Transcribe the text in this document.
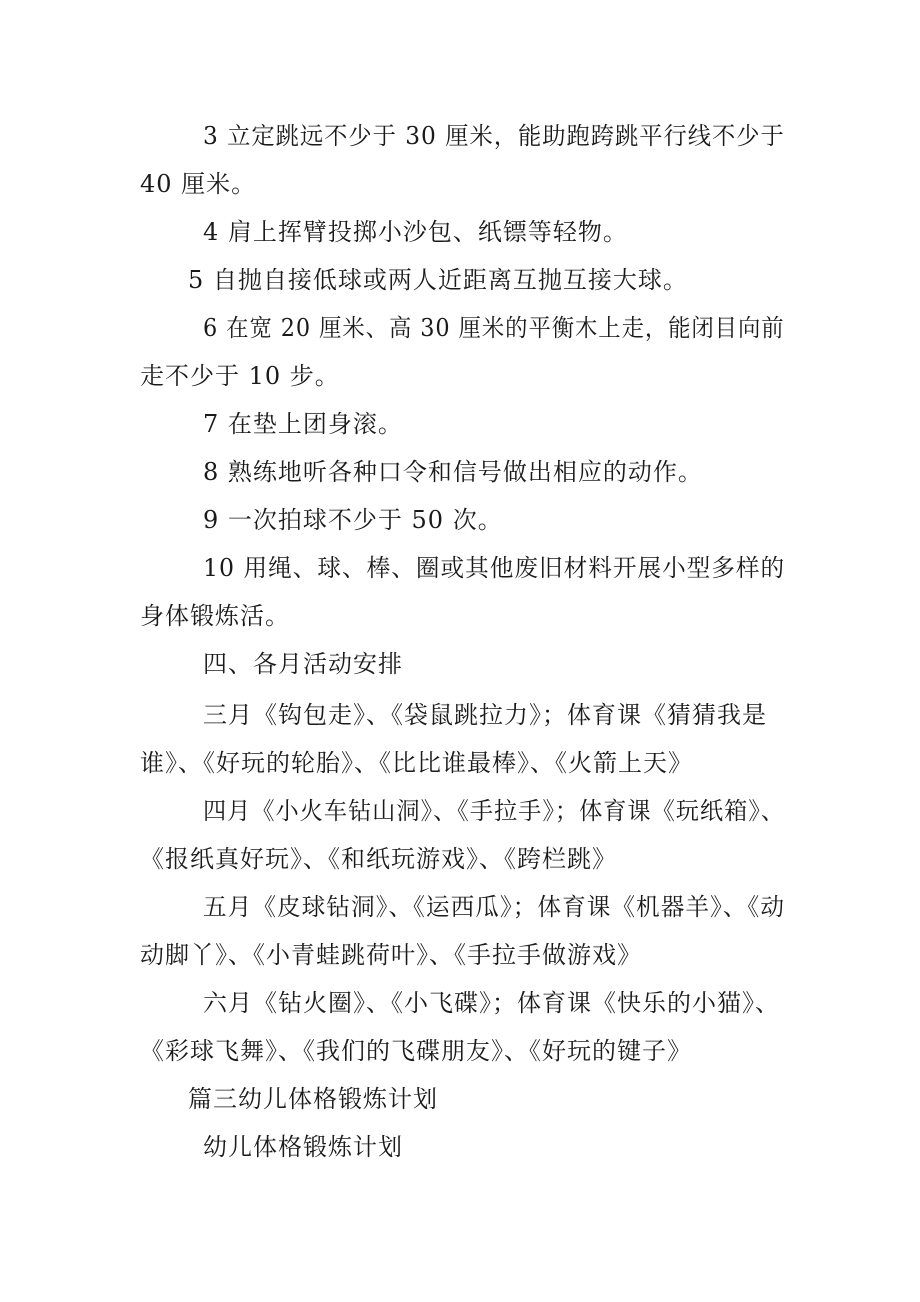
3 立定跳远不少于 30 厘米，能助跑跨跳平行线不少于
40 厘米。
4 肩上挥臂投掷小沙包、纸镖等轻物。
5 自抛自接低球或两人近距离互抛互接大球。
6 在宽 20 厘米、高 30 厘米的平衡木上走，能闭目向前
走不少于 10 步。
7 在垫上团身滚。
8 熟练地听各种口令和信号做出相应的动作。
9 一次拍球不少于 50 次。
10 用绳、球、棒、圈或其他废旧材料开展小型多样的
身体锻炼活。
四、各月活动安排
三月《钩包走》、《袋鼠跳拉力》；体育课《猜猜我是
谁》、《好玩的轮胎》、《比比谁最棒》、《火箭上天》
四月《小火车钻山洞》、《手拉手》；体育课《玩纸箱》、
《报纸真好玩》、《和纸玩游戏》、《跨栏跳》
五月《皮球钻洞》、《运西瓜》；体育课《机器羊》、《动
动脚丫》、《小青蛙跳荷叶》、《手拉手做游戏》
六月《钻火圈》、《小飞碟》；体育课《快乐的小猫》、
《彩球飞舞》、《我们的飞碟朋友》、《好玩的键子》
篇三幼儿体格锻炼计划
幼儿体格锻炼计划
